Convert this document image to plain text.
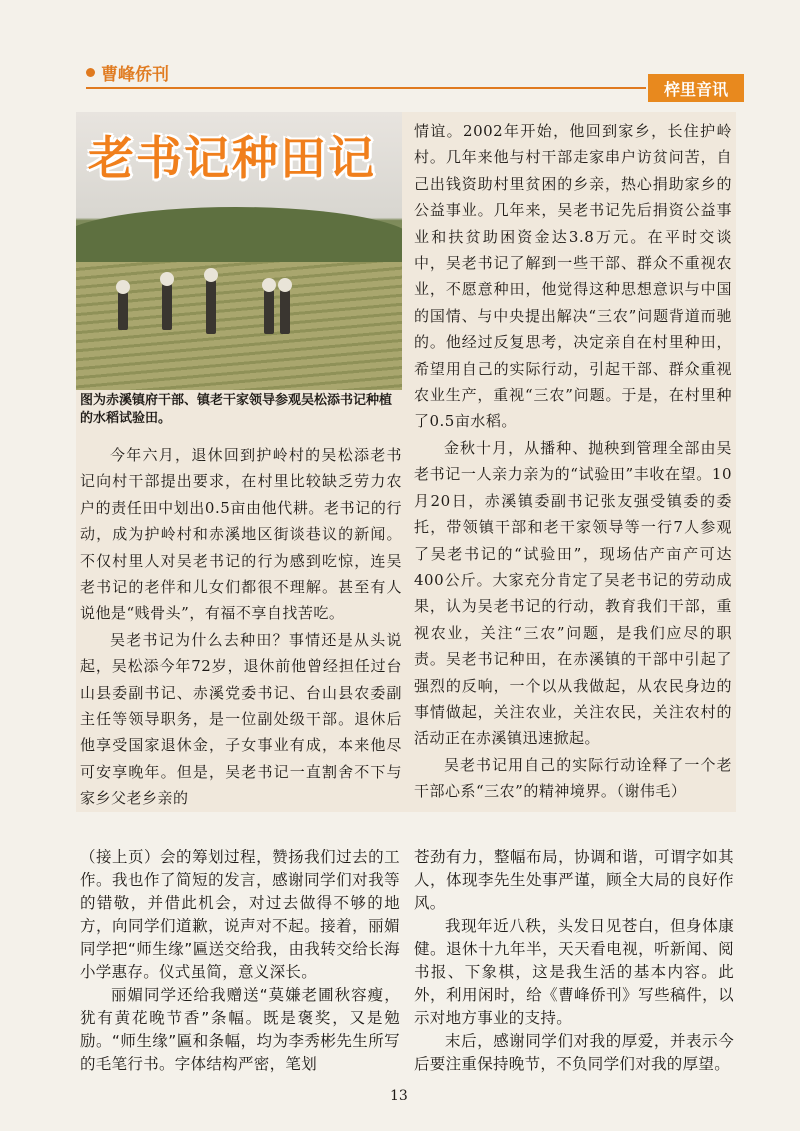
曹峰侨刊
梓里音讯
老书记种田记
图为赤溪镇府干部、镇老干家领导参观吴松添书记种植的水稻试验田。

今年六月，退休回到护岭村的吴松添老书记向村干部提出要求，在村里比较缺乏劳力农户的责任田中划出0.5亩由他代耕。老书记的行动，成为护岭村和赤溪地区街谈巷议的新闻。不仅村里人对吴老书记的行为感到吃惊，连吴老书记的老伴和儿女们都很不理解。甚至有人说他是“贱骨头”，有福不享自找苦吃。

吴老书记为什么去种田？事情还是从头说起，吴松添今年72岁，退休前他曾经担任过台山县委副书记、赤溪党委书记、台山县农委副主任等领导职务，是一位副处级干部。退休后他享受国家退休金，子女事业有成，本来他尽可安享晚年。但是，吴老书记一直割舍不下与家乡父老乡亲的

情谊。2002年开始，他回到家乡，长住护岭村。几年来他与村干部走家串户访贫问苦，自己出钱资助村里贫困的乡亲，热心捐助家乡的公益事业。几年来，吴老书记先后捐资公益事业和扶贫助困资金达3.8万元。在平时交谈中，吴老书记了解到一些干部、群众不重视农业，不愿意种田，他觉得这种思想意识与中国的国情、与中央提出解决“三农”问题背道而驰的。他经过反复思考，决定亲自在村里种田，希望用自己的实际行动，引起干部、群众重视农业生产，重视“三农”问题。于是，在村里种了0.5亩水稻。

金秋十月，从播种、抛秧到管理全部由吴老书记一人亲力亲为的“试验田”丰收在望。10月20日，赤溪镇委副书记张友强受镇委的委托，带领镇干部和老干家领导等一行7人参观了吴老书记的“试验田”，现场估产亩产可达400公斤。大家充分肯定了吴老书记的劳动成果，认为吴老书记的行动，教育我们干部，重视农业，关注“三农”问题，是我们应尽的职责。吴老书记种田，在赤溪镇的干部中引起了强烈的反响，一个以从我做起，从农民身边的事情做起，关注农业，关注农民，关注农村的活动正在赤溪镇迅速掀起。

吴老书记用自己的实际行动诠释了一个老干部心系“三农”的精神境界。（谢伟毛）

（接上页）会的筹划过程，赞扬我们过去的工作。我也作了简短的发言，感谢同学们对我等的错敬，并借此机会，对过去做得不够的地方，向同学们道歉，说声对不起。接着，丽媚同学把“师生缘”匾送交给我，由我转交给长海小学惠存。仪式虽简，意义深长。

丽媚同学还给我赠送“莫嫌老圃秋容瘦，犹有黄花晚节香”条幅。既是褒奖，又是勉励。“师生缘”匾和条幅，均为李秀彬先生所写的毛笔行书。字体结构严密，笔划

苍劲有力，整幅布局，协调和谐，可谓字如其人，体现李先生处事严谨，顾全大局的良好作风。

我现年近八秩，头发日见苍白，但身体康健。退休十九年半，天天看电视，听新闻、阅书报、下象棋，这是我生活的基本内容。此外，利用闲时，给《曹峰侨刊》写些稿件，以示对地方事业的支持。

末后，感谢同学们对我的厚爱，并表示今后要注重保持晚节，不负同学们对我的厚望。

13
